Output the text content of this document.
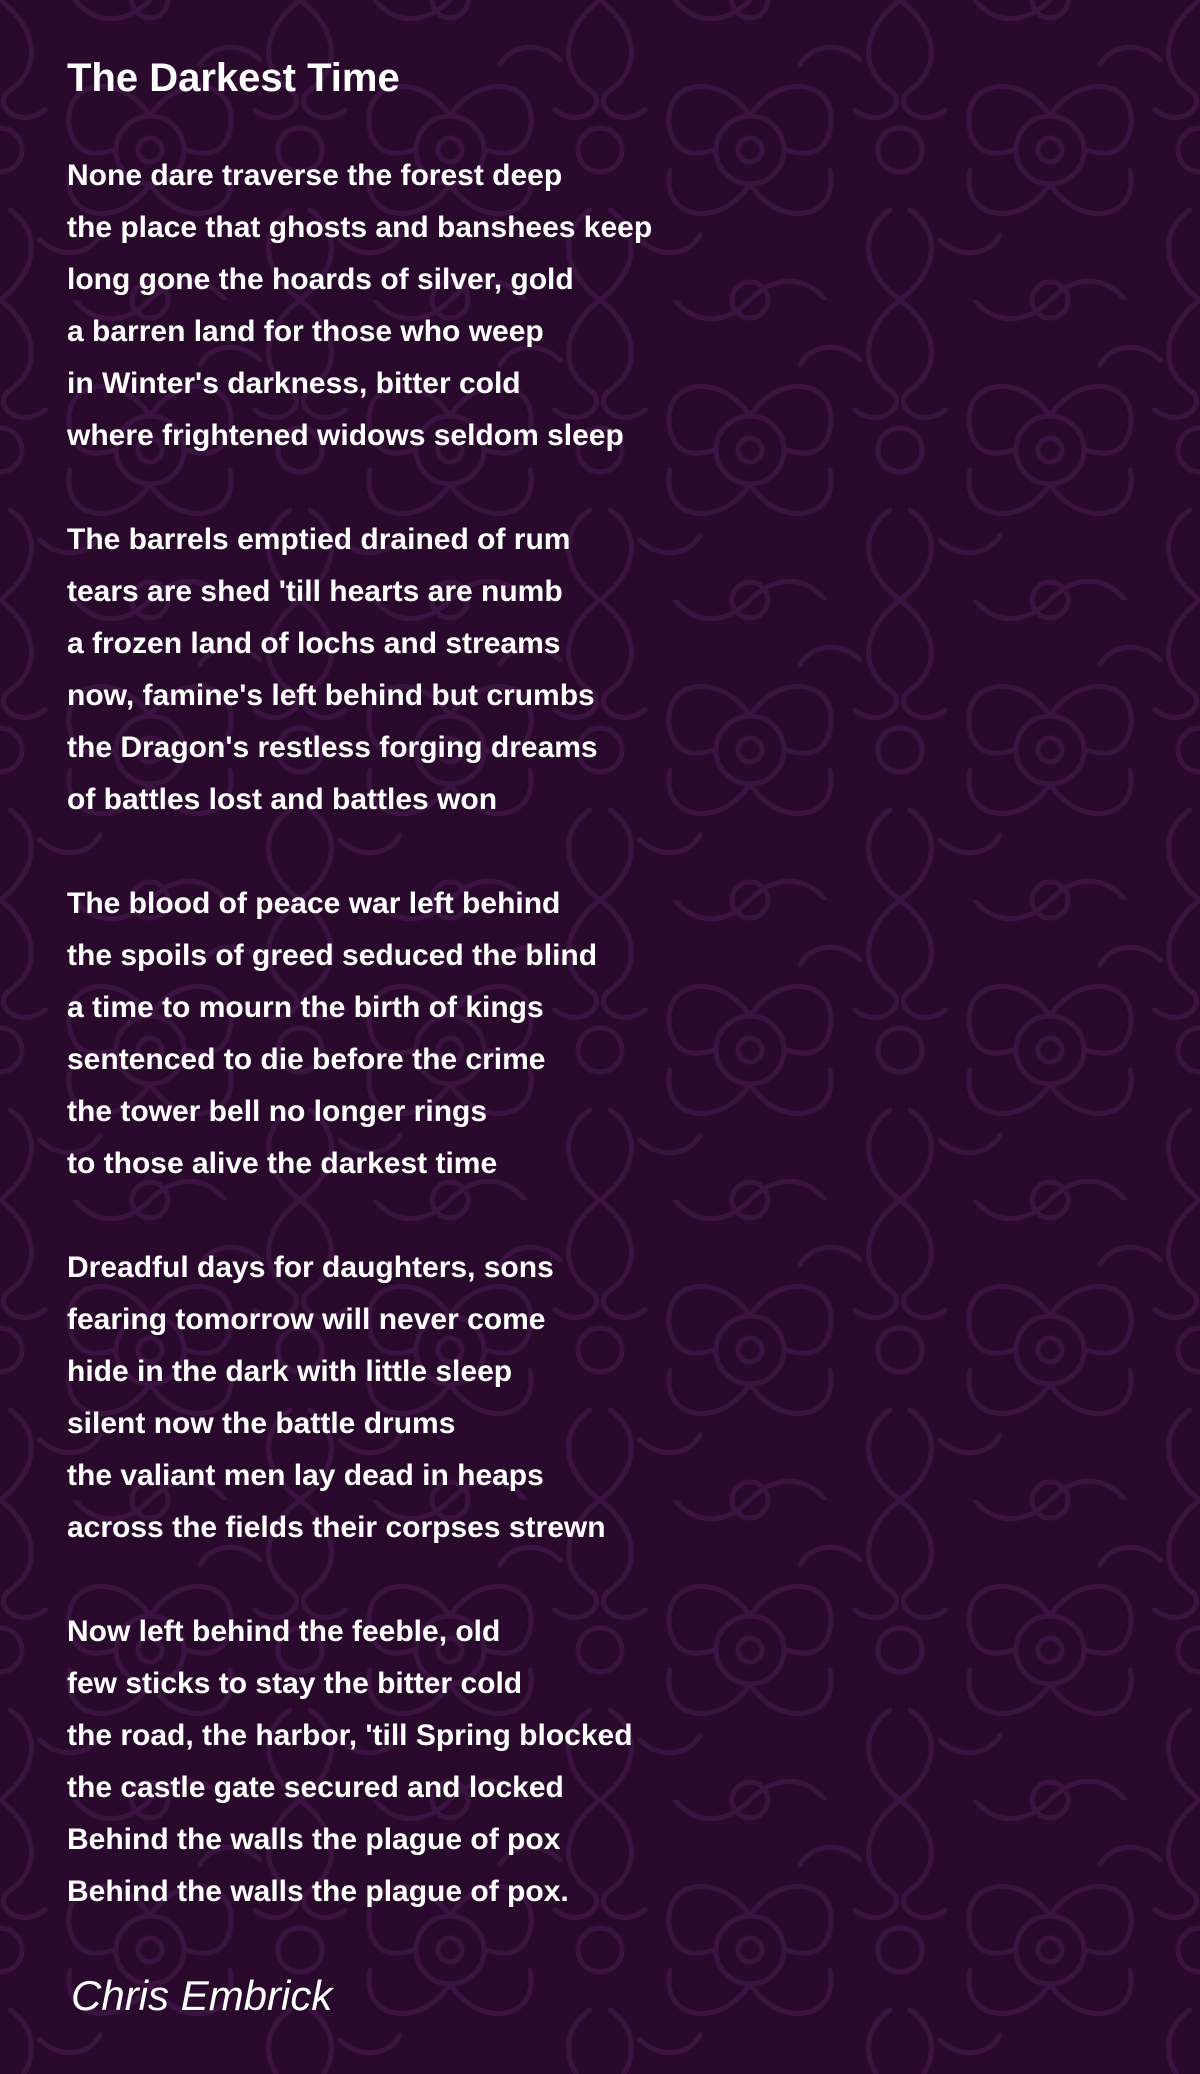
The Darkest Time
None dare traverse the forest deep
the place that ghosts and banshees keep
long gone the hoards of silver, gold
a barren land for those who weep
in Winter's darkness, bitter cold
where frightened widows seldom sleep
The barrels emptied drained of rum
tears are shed 'till hearts are numb
a frozen land of lochs and streams
now, famine's left behind but crumbs
the Dragon's restless forging dreams
of battles lost and battles won
The blood of peace war left behind
the spoils of greed seduced the blind
a time to mourn the birth of kings
sentenced to die before the crime
the tower bell no longer rings
to those alive the darkest time
Dreadful days for daughters, sons
fearing tomorrow will never come
hide in the dark with little sleep
silent now the battle drums
the valiant men lay dead in heaps
across the fields their corpses strewn
Now left behind the feeble, old
few sticks to stay the bitter cold
the road, the harbor, 'till Spring blocked
the castle gate secured and locked
Behind the walls the plague of pox
Behind the walls the plague of pox.

Chris Embrick
